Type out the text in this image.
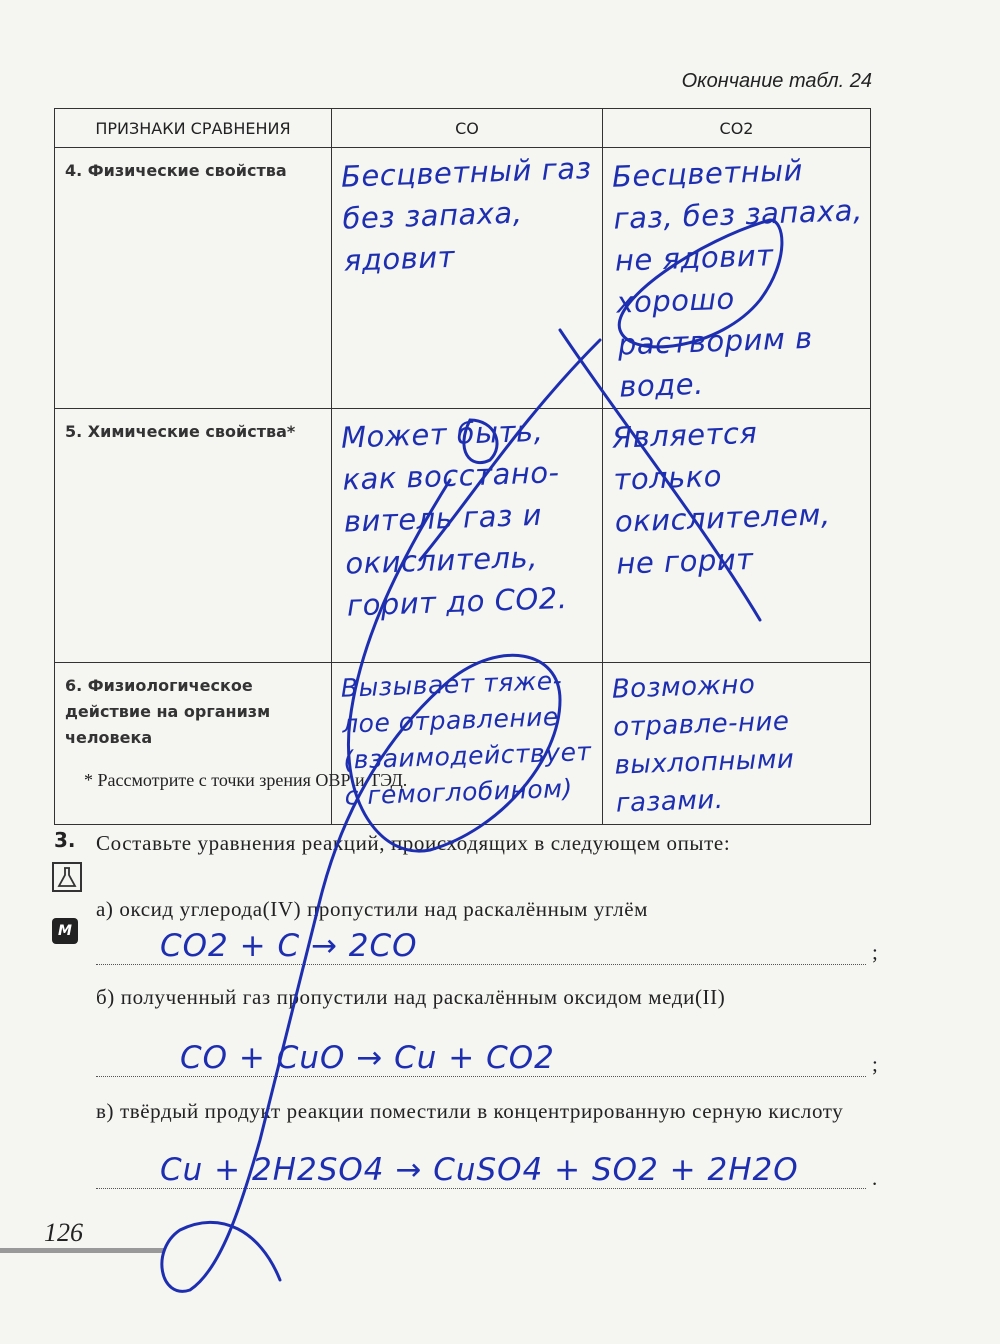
Окончание табл. 24
ПРИЗНАКИ СРАВНЕНИЯ	CO	CO2

4. Физические свойства	Бесцветный газ без запаха, ядовит	Бесцветный газ, без запаха, не ядовит хорошо растворим в воде.

5. Химические свойства*	Может быть, как восстано-витель газ и окислитель, горит до CO2.	Является только окислителем, не горит

6. Физиологическое действие на организм человека	Вызывает тяже-лое отравление (взаимодействует с гемоглобином)	Возможно отравле-ние выхлопными газами.
* Рассмотрите с точки зрения ОВР и ТЭД.
3.
М
Составьте уравнения реакций, происходящих в следующем опыте:
а) оксид углерода(IV) пропустили над раскалённым углём
CO2 + C → 2CO	;
б) полученный газ пропустили над раскалённым оксидом меди(II)
CO + CuO → Cu + CO2	;
в) твёрдый продукт реакции поместили в концентрированную серную кислоту
Cu + 2H2SO4 → CuSO4 + SO2 + 2H2O	.
126
